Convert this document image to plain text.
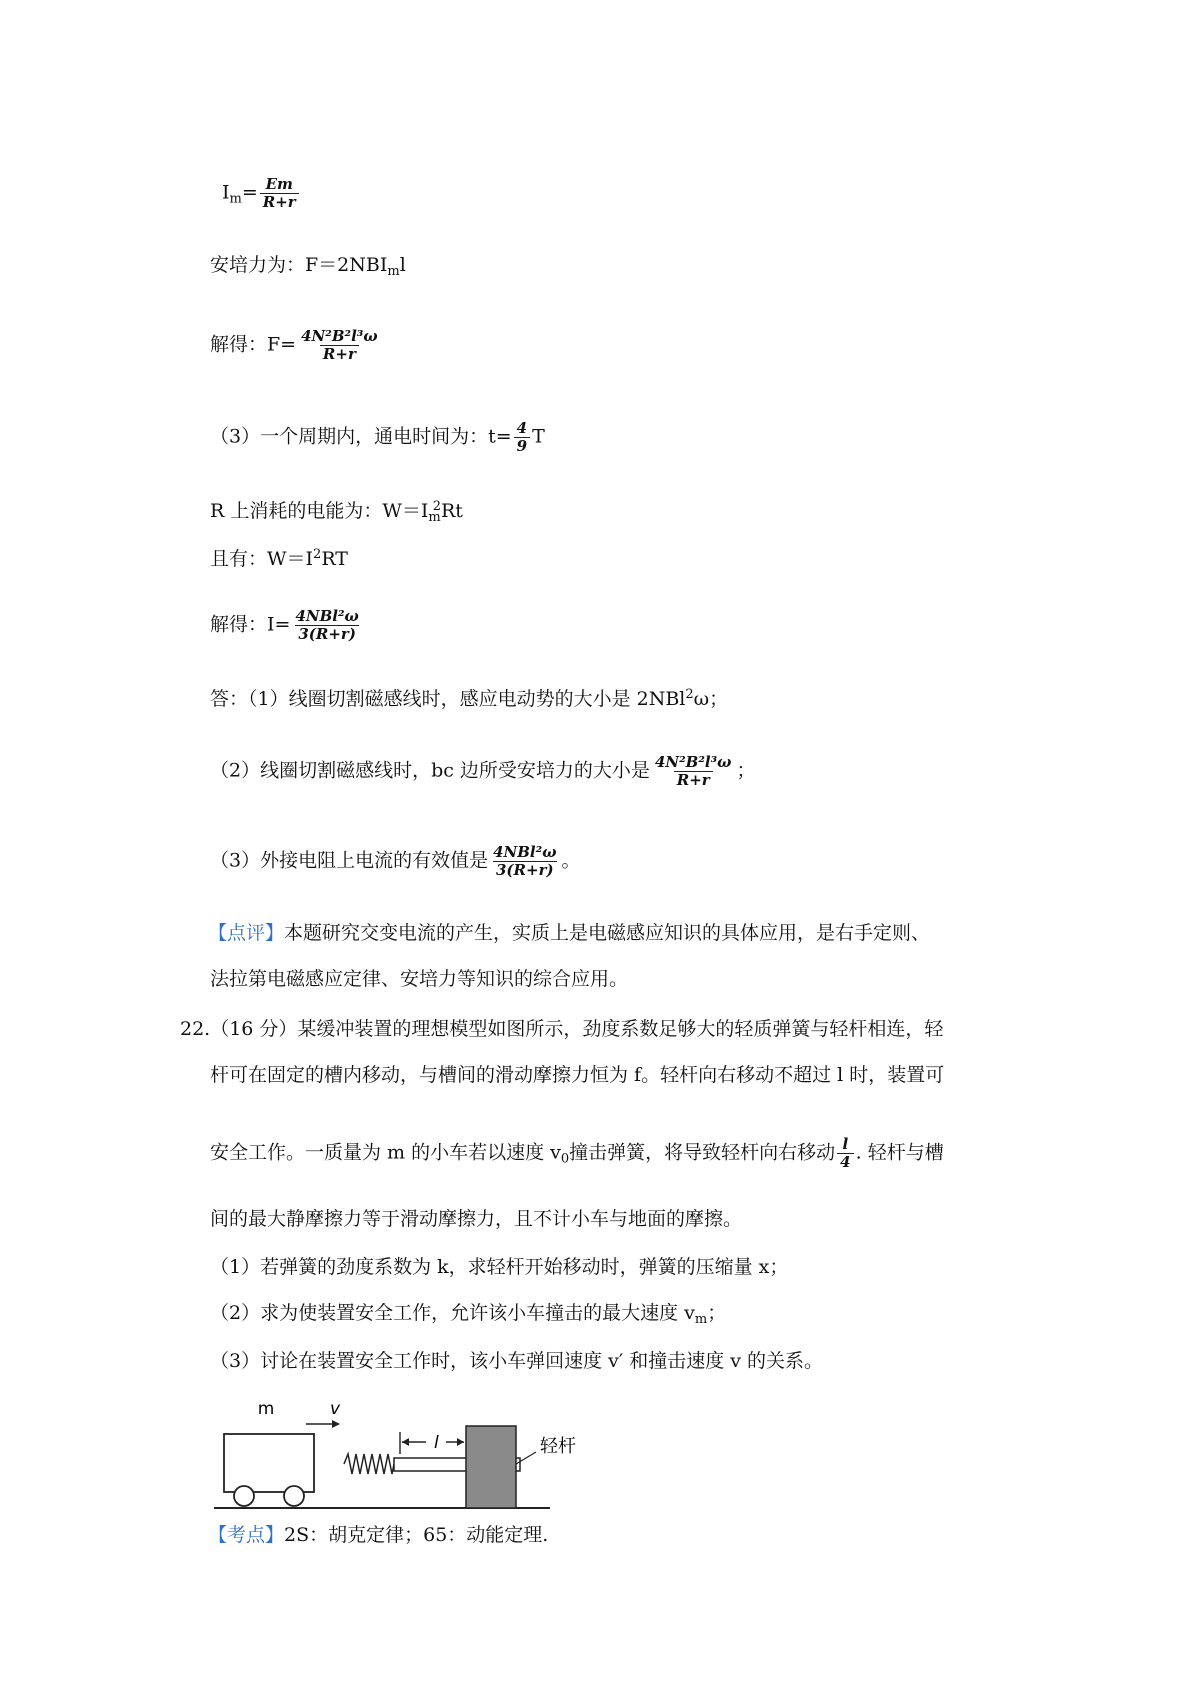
$I_m= \frac{Em}{R+r}$
安培力为：$F=2NBI_ml$
解得：$F= \frac{\text{4N²B²l³ω}}{R+r}$
（3）一个周期内，通电时间为：$t= \frac{4}{9}$ T
R 上消耗的电能为：$W=I_m^2Rt$
且有：$W=I^2RT$
解得：$I= \frac{\text{4NBl²ω}}{3(R+r)}$
答：（1）线圈切割磁感线时，感应电动势的大小是 2NBl$^2$ω；
（2）线圈切割磁感线时，bc 边所受安培力的大小是 $\frac{\text{4N²B²l³ω}}{R+r}$ ；
（3）外接电阻上电流的有效值是 $\frac{\text{4NBl²ω}}{3(R+r)}$ 。
【点评】本题研究交变电流的产生，实质上是电磁感应知识的具体应用，是右手定则、
法拉第电磁感应定律、安培力等知识的综合应用。
22.（16 分）某缓冲装置的理想模型如图所示，劲度系数足够大的轻质弹簧与轻杆相连，轻
杆可在固定的槽内移动，与槽间的滑动摩擦力恒为 f。轻杆向右移动不超过 l 时，装置可
安全工作。一质量为 m 的小车若以速度 $v_0$撞击弹簧，将导致轻杆向右移动 $\frac{l}{4}$ . 轻杆与槽
间的最大静摩擦力等于滑动摩擦力，且不计小车与地面的摩擦。
（1）若弹簧的劲度系数为 k，求轻杆开始移动时，弹簧的压缩量 x；
（2）求为使装置安全工作，允许该小车撞击的最大速度 $v_m$；
（3）讨论在装置安全工作时，该小车弹回速度 v′ 和撞击速度 v 的关系。
m	v
l	轻杆
【考点】2S：胡克定律；65：动能定理.
